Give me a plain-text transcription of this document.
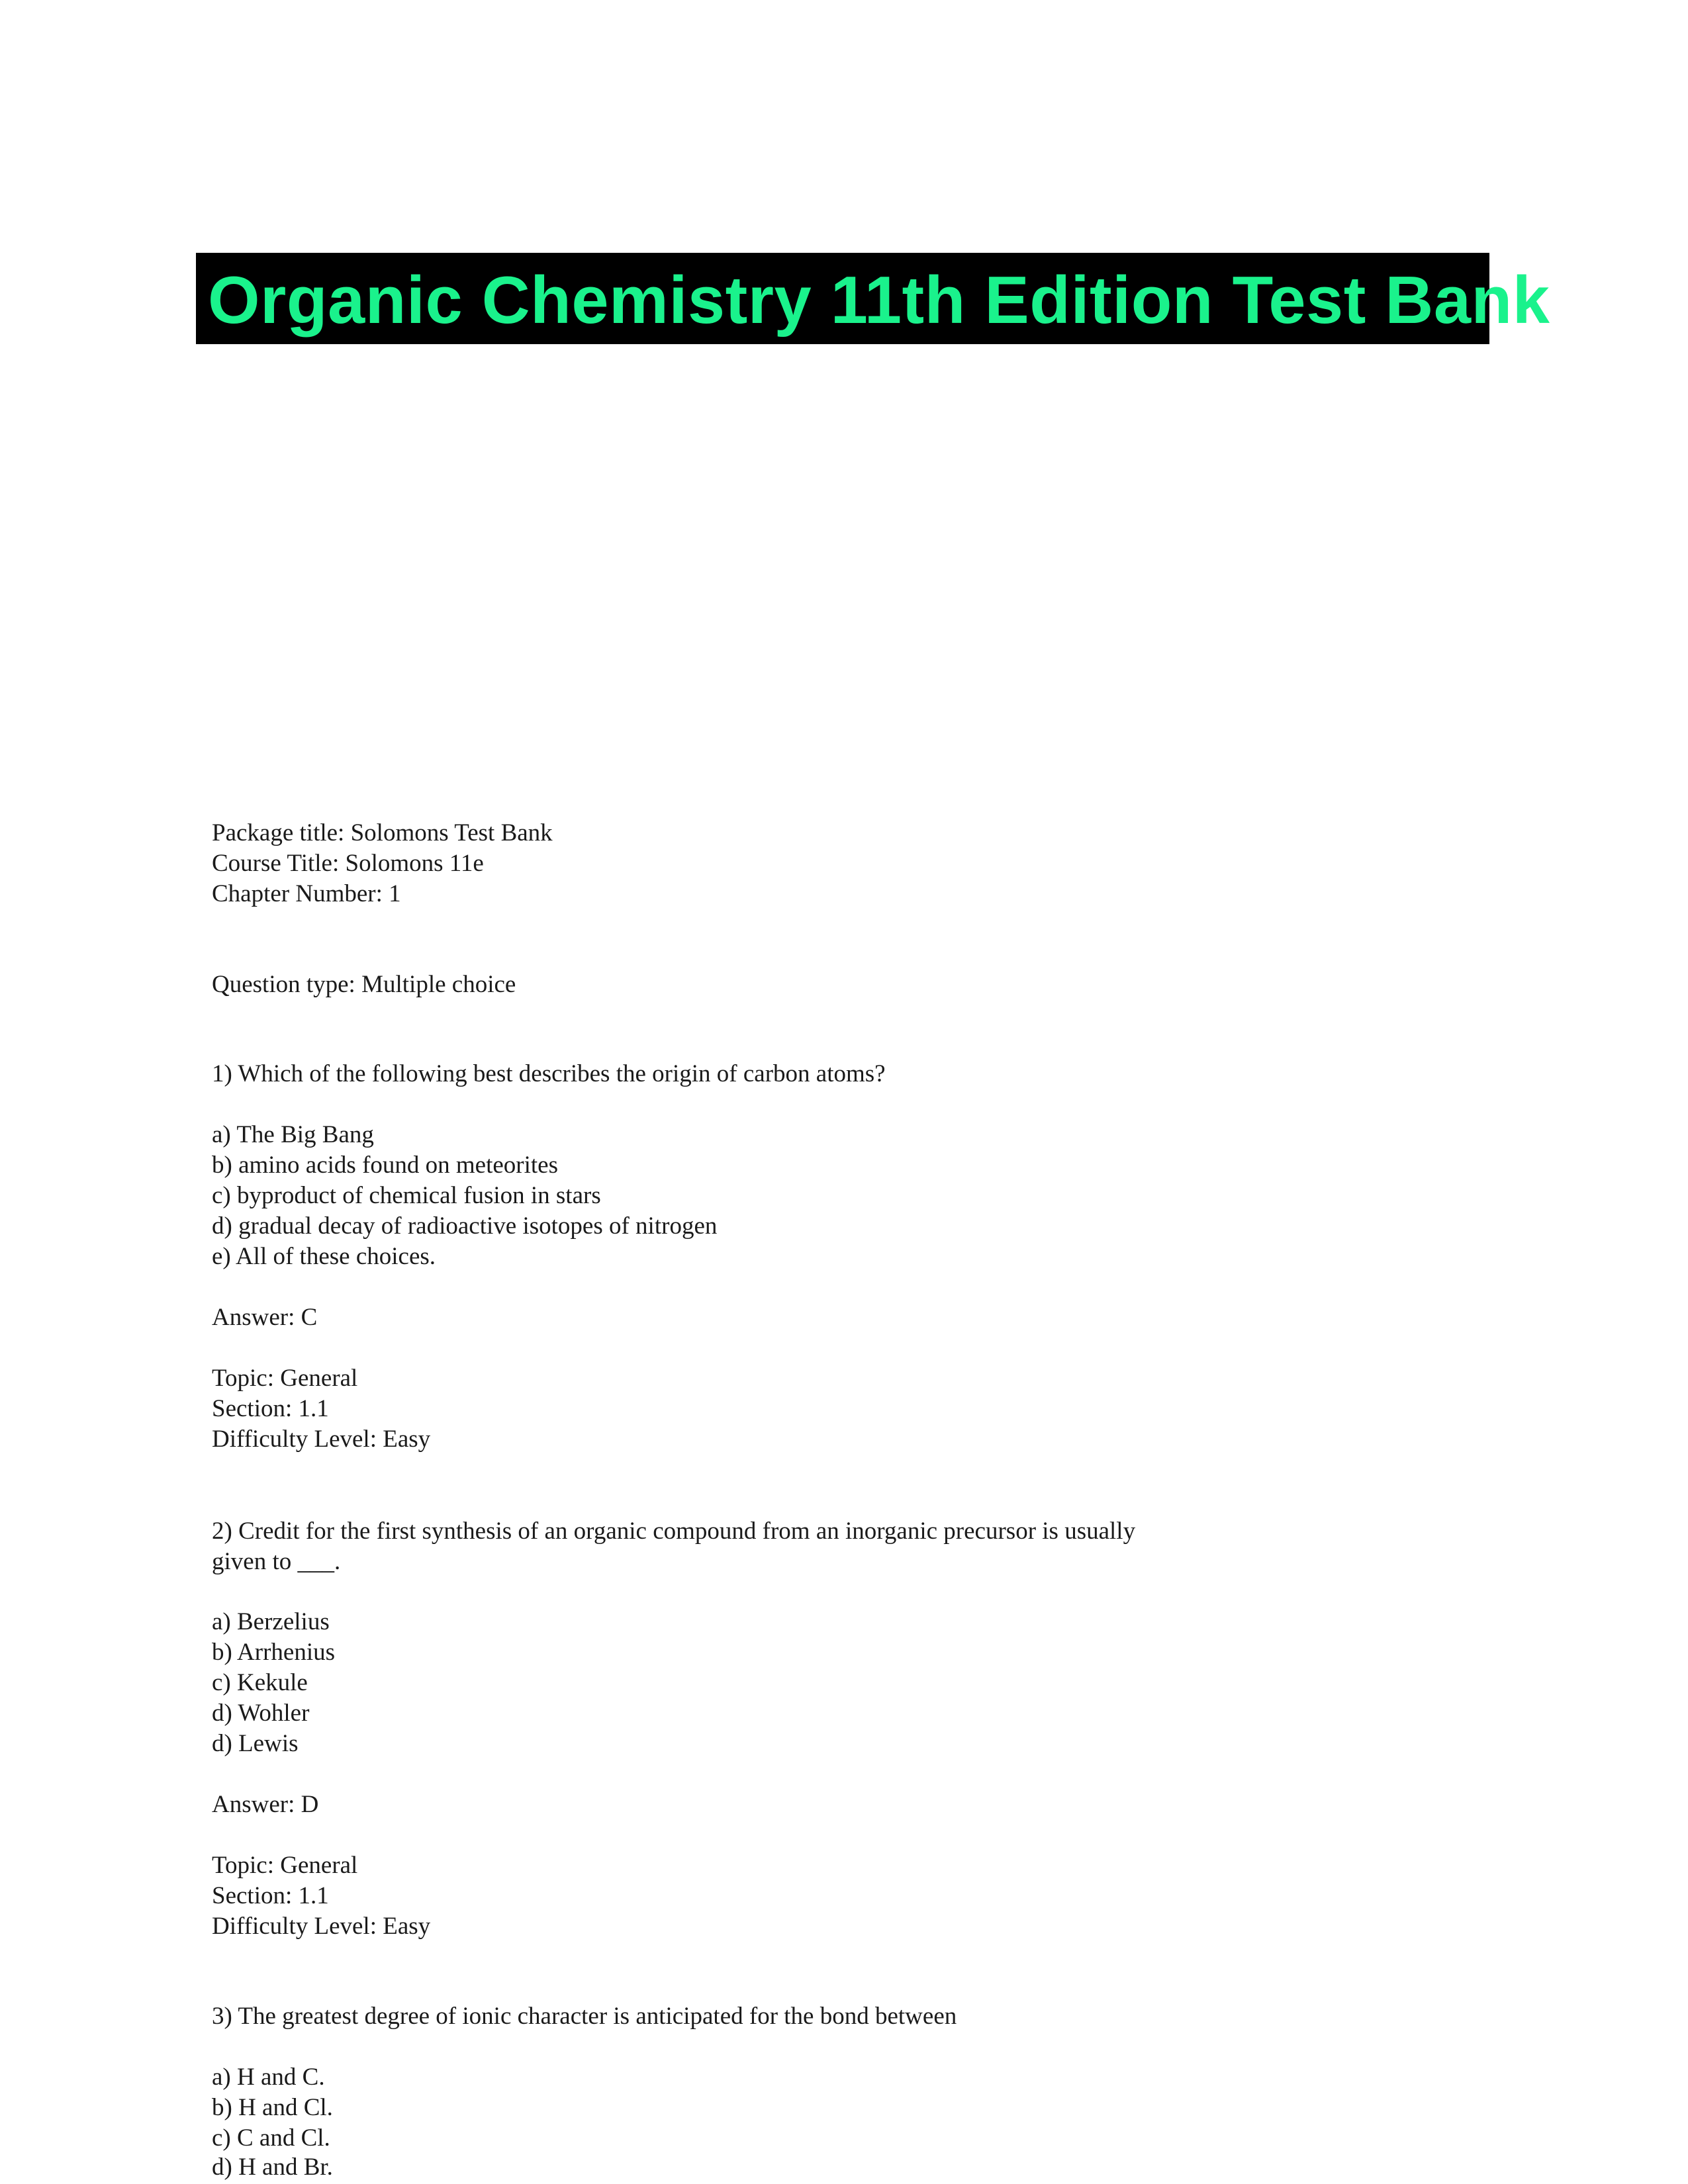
Organic Chemistry 11th Edition Test Bank
Package title: Solomons Test Bank
Course Title: Solomons 11e
Chapter Number: 1
Question type: Multiple choice
1) Which of the following best describes the origin of carbon atoms?
a) The Big Bang
b) amino acids found on meteorites
c) byproduct of chemical fusion in stars
d) gradual decay of radioactive isotopes of nitrogen
e) All of these choices.
Answer: C
Topic: General
Section: 1.1
Difficulty Level: Easy
2) Credit for the first synthesis of an organic compound from an inorganic precursor is usually
given to ___.
a) Berzelius
b) Arrhenius
c) Kekule
d) Wohler
d) Lewis
Answer: D
Topic: General
Section: 1.1
Difficulty Level: Easy
3) The greatest degree of ionic character is anticipated for the bond between
a) H and C.
b) H and Cl.
c) C and Cl.
d) H and Br.
